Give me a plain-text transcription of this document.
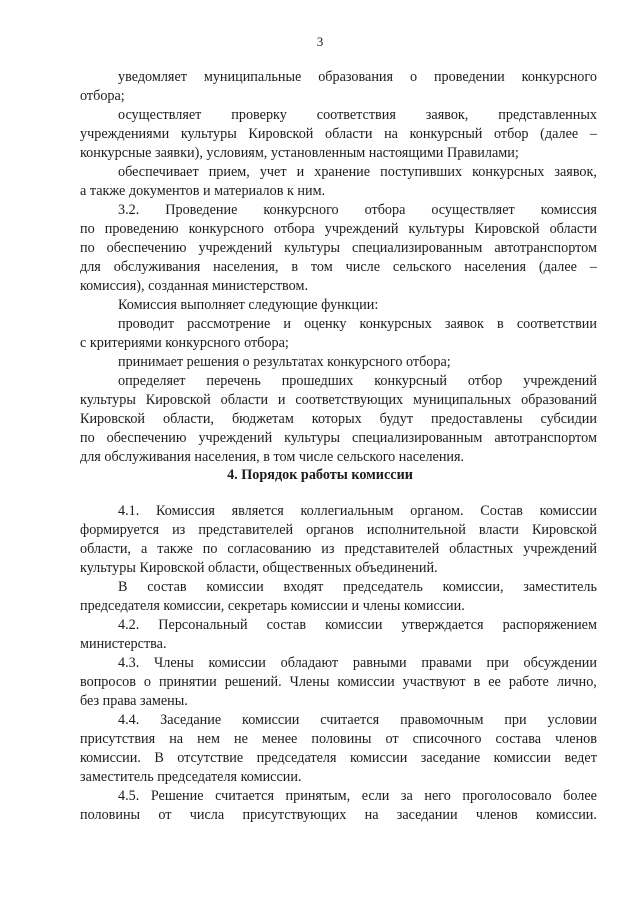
3
уведомляет муниципальные образования о проведении конкурсного
отбора;
осуществляет проверку соответствия заявок, представленных
учреждениями культуры Кировской области на конкурсный отбор (далее –
конкурсные заявки), условиям, установленным настоящими Правилами;
обеспечивает прием, учет и хранение поступивших конкурсных заявок,
а также документов и материалов к ним.
3.2. Проведение конкурсного отбора осуществляет комиссия
по проведению конкурсного отбора учреждений культуры Кировской области
по обеспечению учреждений культуры специализированным автотранспортом
для обслуживания населения, в том числе сельского населения (далее –
комиссия), созданная министерством.
Комиссия выполняет следующие функции:
проводит рассмотрение и оценку конкурсных заявок в соответствии
с критериями конкурсного отбора;
принимает решения о результатах конкурсного отбора;
определяет перечень прошедших конкурсный отбор учреждений
культуры Кировской области и соответствующих муниципальных образований
Кировской области, бюджетам которых будут предоставлены субсидии
по обеспечению учреждений культуры специализированным автотранспортом
для обслуживания населения, в том числе сельского населения.
4. Порядок работы комиссии
4.1. Комиссия является коллегиальным органом. Состав комиссии
формируется из представителей органов исполнительной власти Кировской
области, а также по согласованию из представителей областных учреждений
культуры Кировской области, общественных объединений.
В состав комиссии входят председатель комиссии, заместитель
председателя комиссии, секретарь комиссии и члены комиссии.
4.2. Персональный состав комиссии утверждается распоряжением
министерства.
4.3. Члены комиссии обладают равными правами при обсуждении
вопросов о принятии решений. Члены комиссии участвуют в ее работе лично,
без права замены.
4.4. Заседание комиссии считается правомочным при условии
присутствия на нем не менее половины от списочного состава членов
комиссии. В отсутствие председателя комиссии заседание комиссии ведет
заместитель председателя комиссии.
4.5. Решение считается принятым, если за него проголосовало более
половины от числа присутствующих на заседании членов комиссии.
